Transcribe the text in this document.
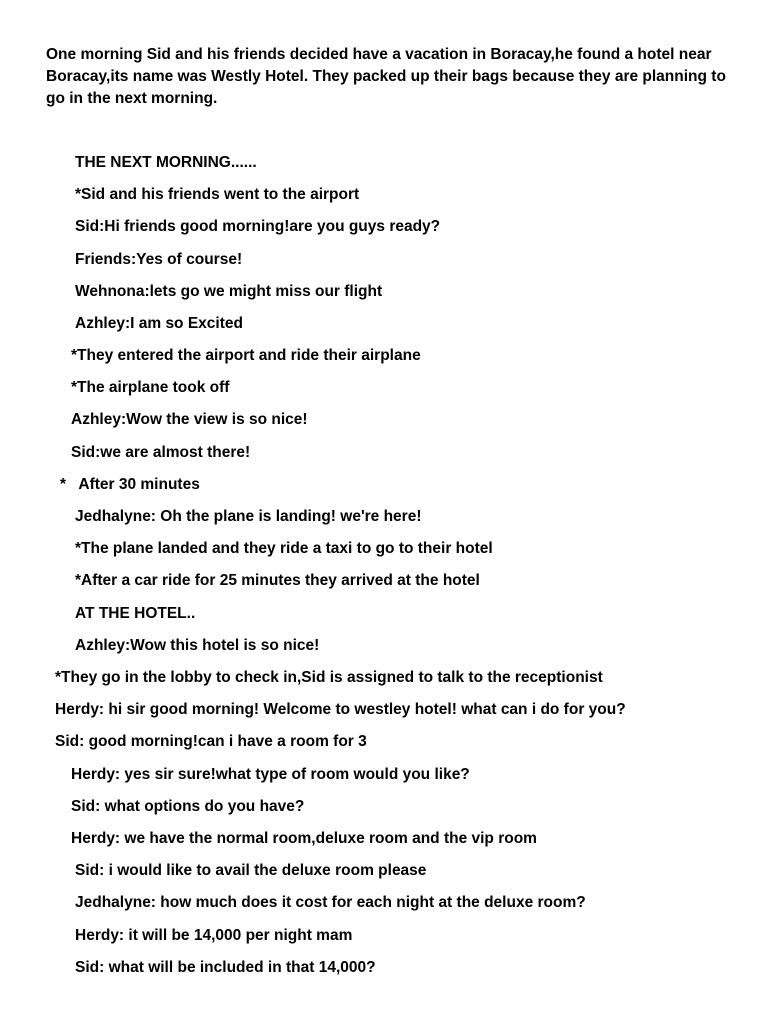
One morning Sid and his friends decided have a vacation in Boracay,he found a hotel near Boracay,its name was Westly Hotel. They packed up their bags because they are planning to go in the next morning.

THE NEXT MORNING......

*Sid and his friends went to the airport

Sid:Hi friends good morning!are you guys ready?

Friends:Yes of course!

Wehnona:lets go we might miss our flight

Azhley:I am so Excited

*They entered the airport and ride their airplane

*The airplane took off

Azhley:Wow the view is so nice!

Sid:we are almost there!

*   After 30 minutes

Jedhalyne: Oh the plane is landing! we're here!

*The plane landed and they ride a taxi to go to their hotel

*After a car ride for 25 minutes they arrived at the hotel

AT THE HOTEL..

Azhley:Wow this hotel is so nice!

*They go in the lobby to check in,Sid is assigned to talk to the receptionist

Herdy: hi sir good morning! Welcome to westley hotel! what can i do for you?

Sid: good morning!can i have a room for 3

Herdy: yes sir sure!what type of room would you like?

Sid: what options do you have?

Herdy: we have the normal room,deluxe room and the vip room

Sid: i would like to avail the deluxe room please

Jedhalyne: how much does it cost for each night at the deluxe room?

Herdy: it will be 14,000 per night mam

Sid: what will be included in that 14,000?
